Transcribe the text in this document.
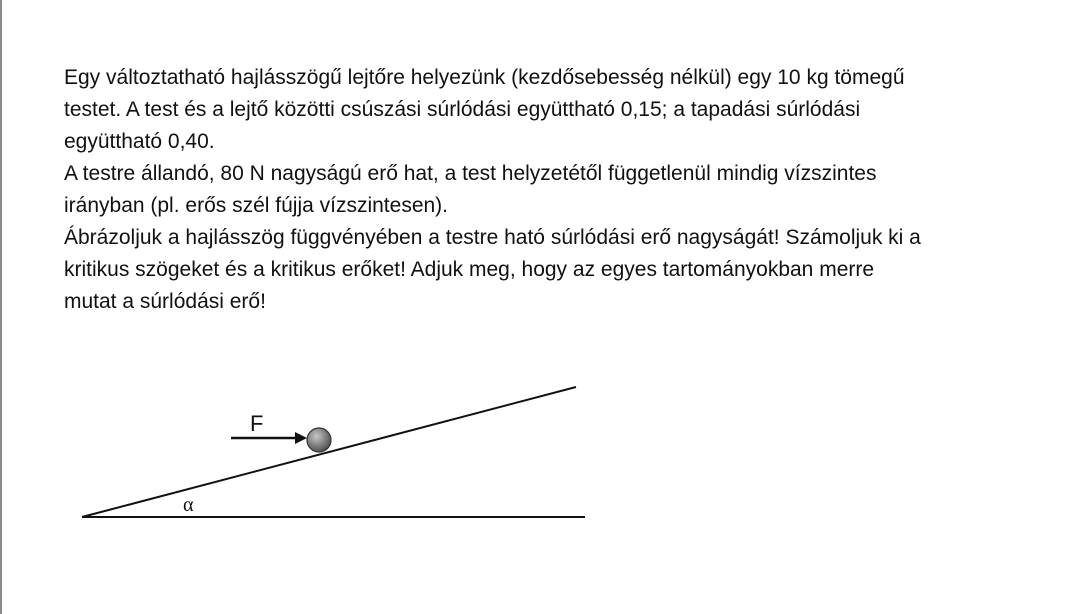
Egy változtatható hajlásszögű lejtőre helyezünk (kezdősebesség nélkül) egy 10 kg tömegű

testet. A test és a lejtő közötti csúszási súrlódási együttható 0,15; a tapadási súrlódási

együttható 0,40.

A testre állandó, 80 N nagyságú erő hat, a test helyzetétől függetlenül mindig vízszintes

irányban (pl. erős szél fújja vízszintesen).

Ábrázoljuk a hajlásszög függvényében a testre ható súrlódási erő nagyságát! Számoljuk ki a

kritikus szögeket és a kritikus erőket! Adjuk meg, hogy az egyes tartományokban merre

mutat a súrlódási erő!

F
α
